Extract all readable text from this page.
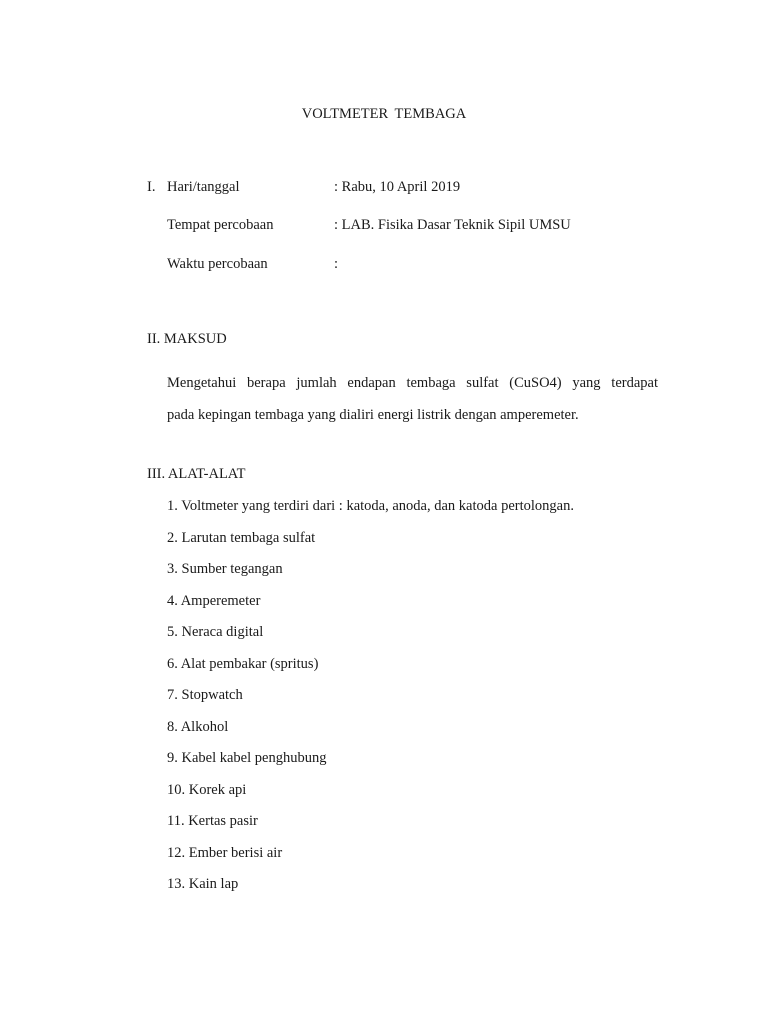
VOLTMETER TEMBAGA
I. Hari/tanggal	: Rabu, 10 April 2019
Tempat percobaan	: LAB. Fisika Dasar Teknik Sipil UMSU
Waktu percobaan	:
II. MAKSUD
Mengetahui berapa jumlah endapan tembaga sulfat (CuSO4) yang terdapat
pada kepingan tembaga yang dialiri energi listrik dengan amperemeter.
III. ALAT-ALAT
1. Voltmeter yang terdiri dari : katoda, anoda, dan katoda pertolongan.
2. Larutan tembaga sulfat
3. Sumber tegangan
4. Amperemeter
5. Neraca digital
6. Alat pembakar (spritus)
7. Stopwatch
8. Alkohol
9. Kabel kabel penghubung
10. Korek api
11. Kertas pasir
12. Ember berisi air
13. Kain lap
